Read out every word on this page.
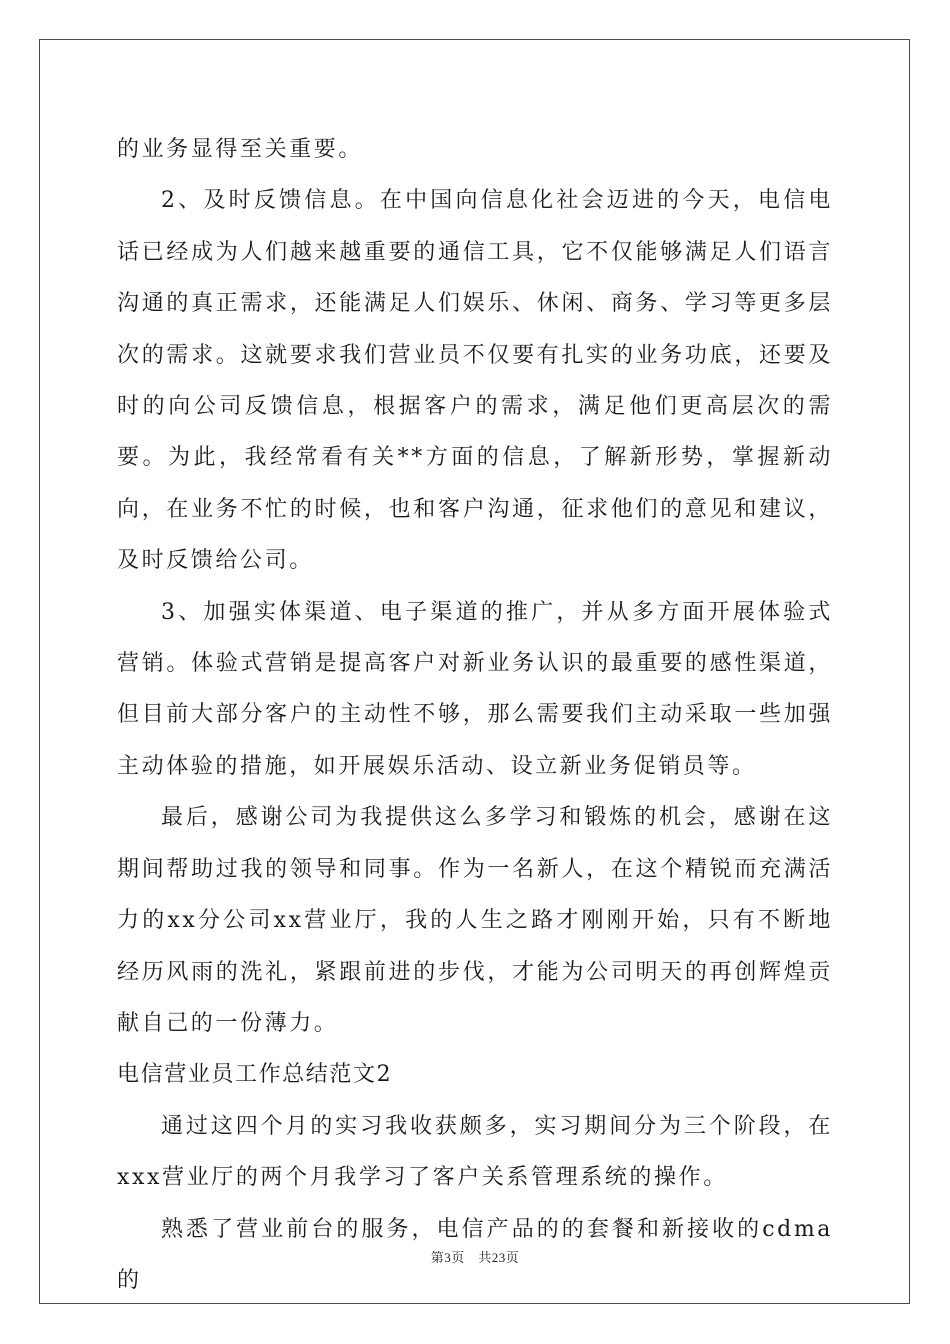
的业务显得至关重要。

2、及时反馈信息。在中国向信息化社会迈进的今天，电信电话已经成为人们越来越重要的通信工具，它不仅能够满足人们语言沟通的真正需求，还能满足人们娱乐、休闲、商务、学习等更多层次的需求。这就要求我们营业员不仅要有扎实的业务功底，还要及时的向公司反馈信息，根据客户的需求，满足他们更高层次的需要。为此，我经常看有关**方面的信息，了解新形势，掌握新动向，在业务不忙的时候，也和客户沟通，征求他们的意见和建议，及时反馈给公司。

3、加强实体渠道、电子渠道的推广，并从多方面开展体验式营销。体验式营销是提高客户对新业务认识的最重要的感性渠道，但目前大部分客户的主动性不够，那么需要我们主动采取一些加强主动体验的措施，如开展娱乐活动、设立新业务促销员等。

最后，感谢公司为我提供这么多学习和锻炼的机会，感谢在这期间帮助过我的领导和同事。作为一名新人，在这个精锐而充满活力的xx分公司xx营业厅，我的人生之路才刚刚开始，只有不断地经历风雨的洗礼，紧跟前进的步伐，才能为公司明天的再创辉煌贡献自己的一份薄力。

电信营业员工作总结范文2

通过这四个月的实习我收获颇多，实习期间分为三个阶段，在xxx营业厅的两个月我学习了客户关系管理系统的操作。

熟悉了营业前台的服务，电信产品的的套餐和新接收的cdma的

第3页　共23页
